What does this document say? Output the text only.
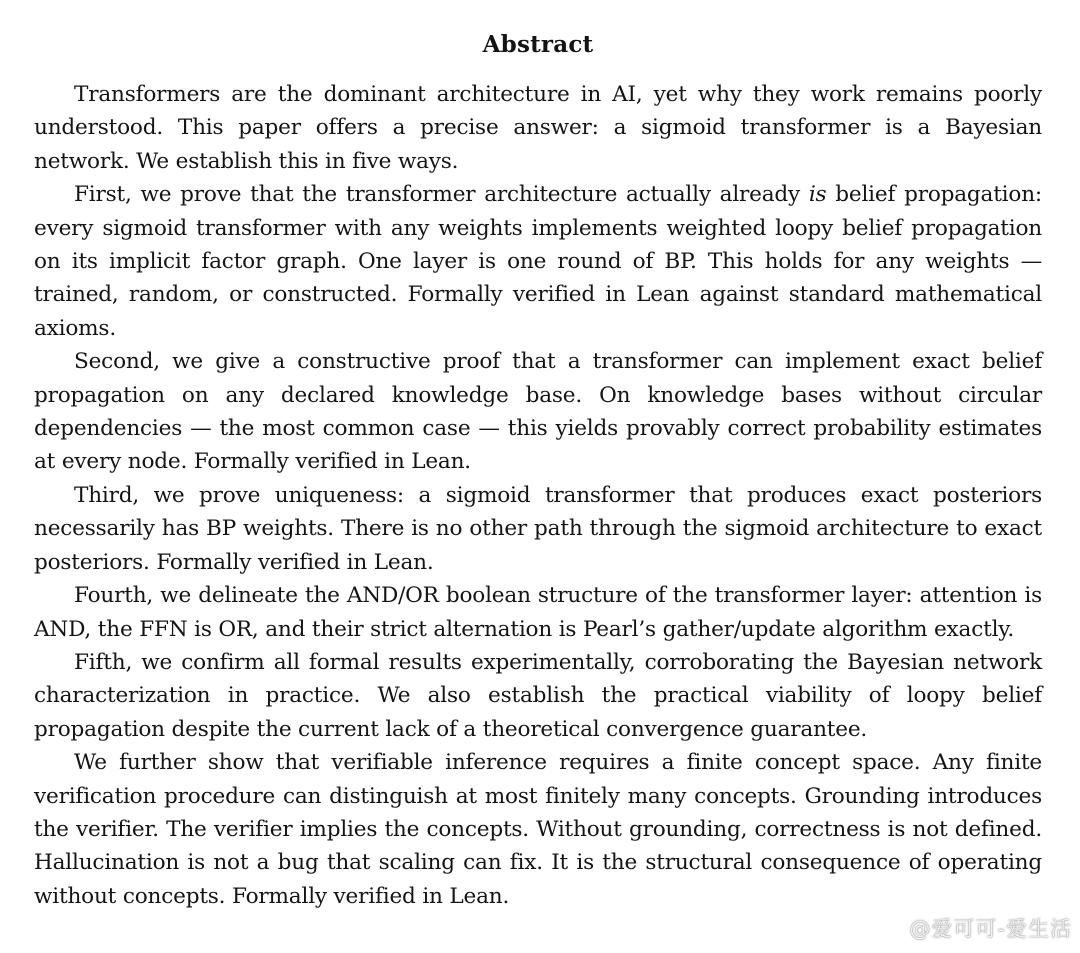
Abstract

Transformers are the dominant architecture in AI, yet why they work remains poorly understood. This paper offers a precise answer: a sigmoid transformer is a Bayesian network. We establish this in five ways.

First, we prove that the transformer architecture actually already is belief propagation: every sigmoid transformer with any weights implements weighted loopy belief propagation on its implicit factor graph. One layer is one round of BP. This holds for any weights — trained, random, or constructed. Formally verified in Lean against standard mathematical axioms.

Second, we give a constructive proof that a transformer can implement exact belief propagation on any declared knowledge base. On knowledge bases without circular dependencies — the most common case — this yields provably correct probability estimates at every node. Formally verified in Lean.

Third, we prove uniqueness: a sigmoid transformer that produces exact posteriors necessarily has BP weights. There is no other path through the sigmoid architecture to exact posteriors. Formally verified in Lean.

Fourth, we delineate the AND/OR boolean structure of the transformer layer: attention is AND, the FFN is OR, and their strict alternation is Pearl’s gather/update algorithm exactly.

Fifth, we confirm all formal results experimentally, corroborating the Bayesian network characterization in practice. We also establish the practical viability of loopy belief propagation despite the current lack of a theoretical convergence guarantee.

We further show that verifiable inference requires a finite concept space. Any finite verification procedure can distinguish at most finitely many concepts. Grounding introduces the verifier. The verifier implies the concepts. Without grounding, correctness is not defined. Hallucination is not a bug that scaling can fix. It is the structural consequence of operating without concepts. Formally verified in Lean.

@爱可可-爱生活
